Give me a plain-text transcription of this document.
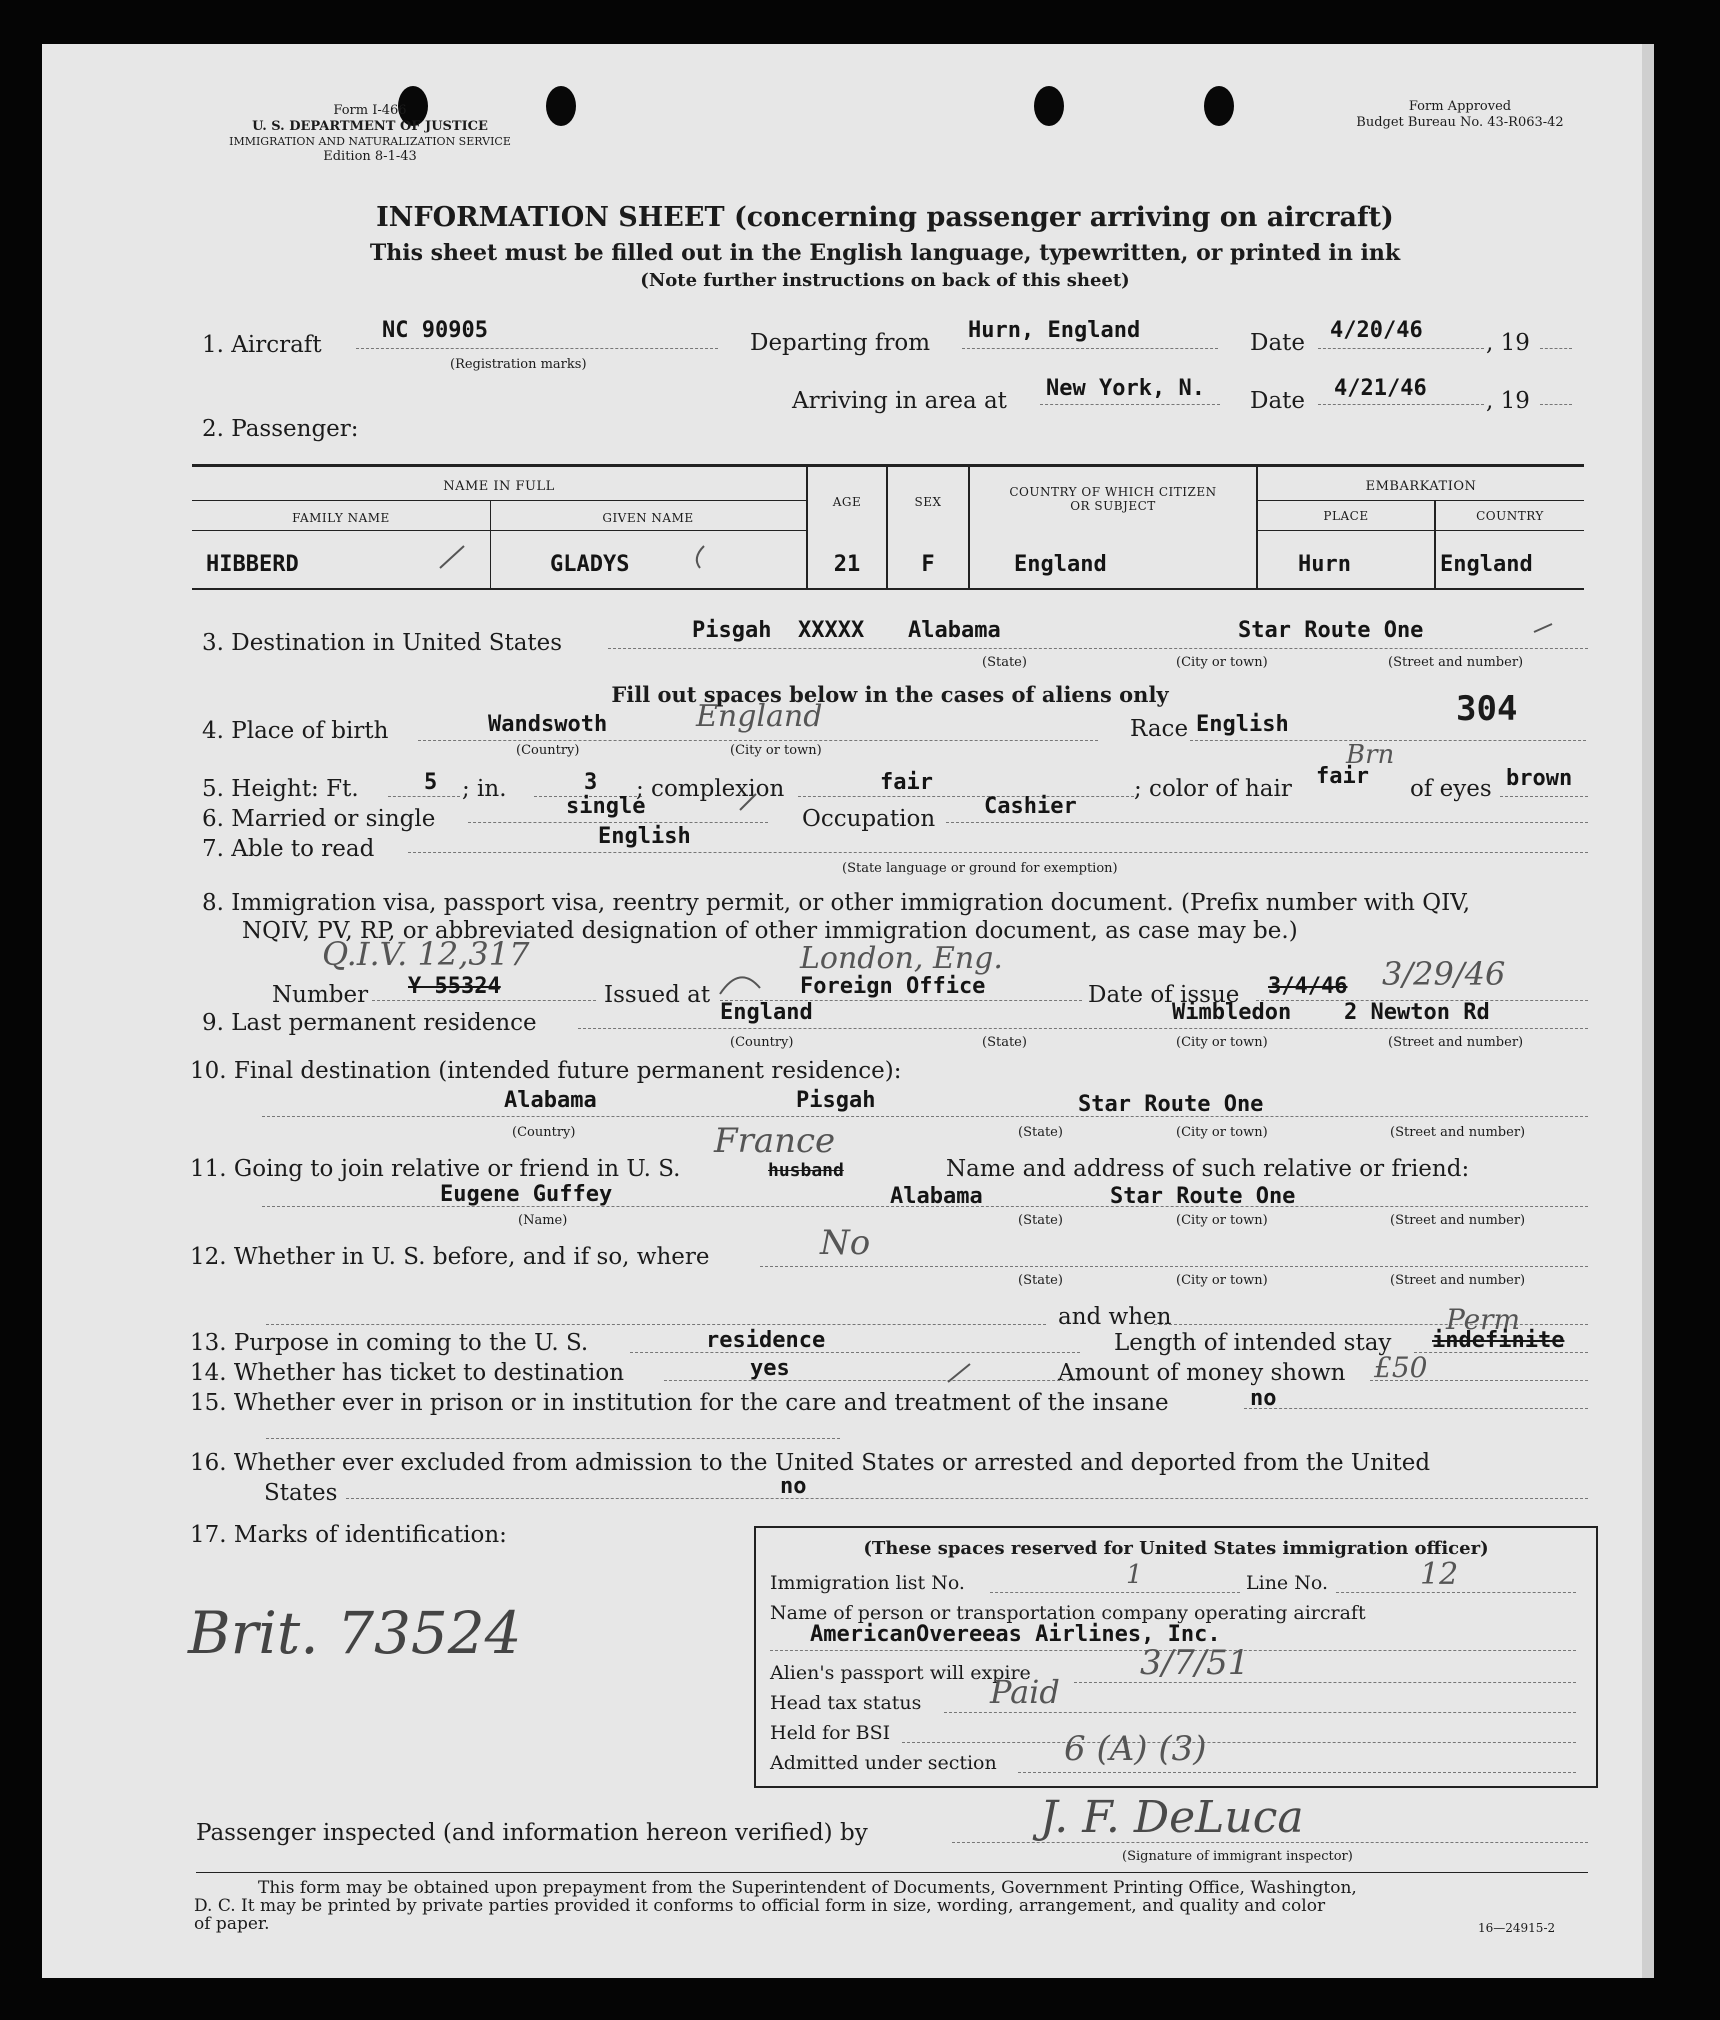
Form I-466
U. S. DEPARTMENT OF JUSTICE
IMMIGRATION AND NATURALIZATION SERVICE
Edition 8-1-43
Form Approved
Budget Bureau No. 43-R063-42
INFORMATION SHEET (concerning passenger arriving on aircraft)
This sheet must be filled out in the English language, typewritten, or printed in ink
(Note further instructions on back of this sheet)
1. Aircraft
NC 90905
(Registration marks)
Departing from Hurn, England	Date 4/20/46	, 19
Arriving in area at New York, N. Date 4/21/46	, 19
2. Passenger:
NAME IN FULL
FAMILY NAME	GIVEN NAME
AGE	SEX
COUNTRY OF WHICH CITIZEN
OR SUBJECT
EMBARKATION
PLACE	COUNTRY
HIBBERD	GLADYS	21	F	England	Hurn	England
3. Destination in United States	Pisgah XXXXX Alabama	Star Route One
(State)	(City or town)	(Street and number)
Fill out spaces below in the cases of aliens only
4. Place of birth	Wandswoth	England
(Country)	(City or town)
Race English	304
5. Height: Ft.	5 ; in.	3 ; complexion	fair	; color of hair fair
Brn
of eyes brown
6. Married or single	single	Occupation Cashier
7. Able to read	English
(State language or ground for exemption)
8. Immigration visa, passport visa, reentry permit, or other immigration document. (Prefix number with QIV,
NQIV, PV, RP, or abbreviated designation of other immigration document, as case may be.)
Q.I.V. 12,317	London, Eng.	3/29/46
Number Y 55324	Issued at	Foreign Office	Date of issue 3/4/46
9. Last permanent residence	England	Wimbledon 2 Newton Rd
(Country)	(State)	(City or town)	(Street and number)
10. Final destination (intended future permanent residence):
Alabama	Pisgah	Star Route One
(Country)	(State)	(City or town)	(Street and number)
France
11. Going to join relative or friend in U. S.	husband	Name and address of such relative or friend:
Eugene Guffey	Alabama	Star Route One
(Name)	(State)	(City or town)	(Street and number)
12. Whether in U. S. before, and if so, where	No
(State)	(City or town)	(Street and number)
and when
13. Purpose in coming to the U. S.	residence	Length of intended stay
Perm
indefinite
14. Whether has ticket to destination	yes	Amount of money shown £50
15. Whether ever in prison or in institution for the care and treatment of the insane	no
16. Whether ever excluded from admission to the United States or arrested and deported from the United
States	no
17. Marks of identification:
Brit. 73524
(These spaces reserved for United States immigration officer)
Immigration list No.	1	Line No.	12
Name of person or transportation company operating aircraft
AmericanOvereeas Airlines, Inc.
Alien's passport will expire	3/7/51
Head tax status Paid
Held for BSI
Admitted under section 6 (A) (3)
Passenger inspected (and information hereon verified) by	J. F. DeLuca
(Signature of immigrant inspector)
This form may be obtained upon prepayment from the Superintendent of Documents, Government Printing Office, Washington,
D. C. It may be printed by private parties provided it conforms to official form in size, wording, arrangement, and quality and color
of paper.	16—24915-2
